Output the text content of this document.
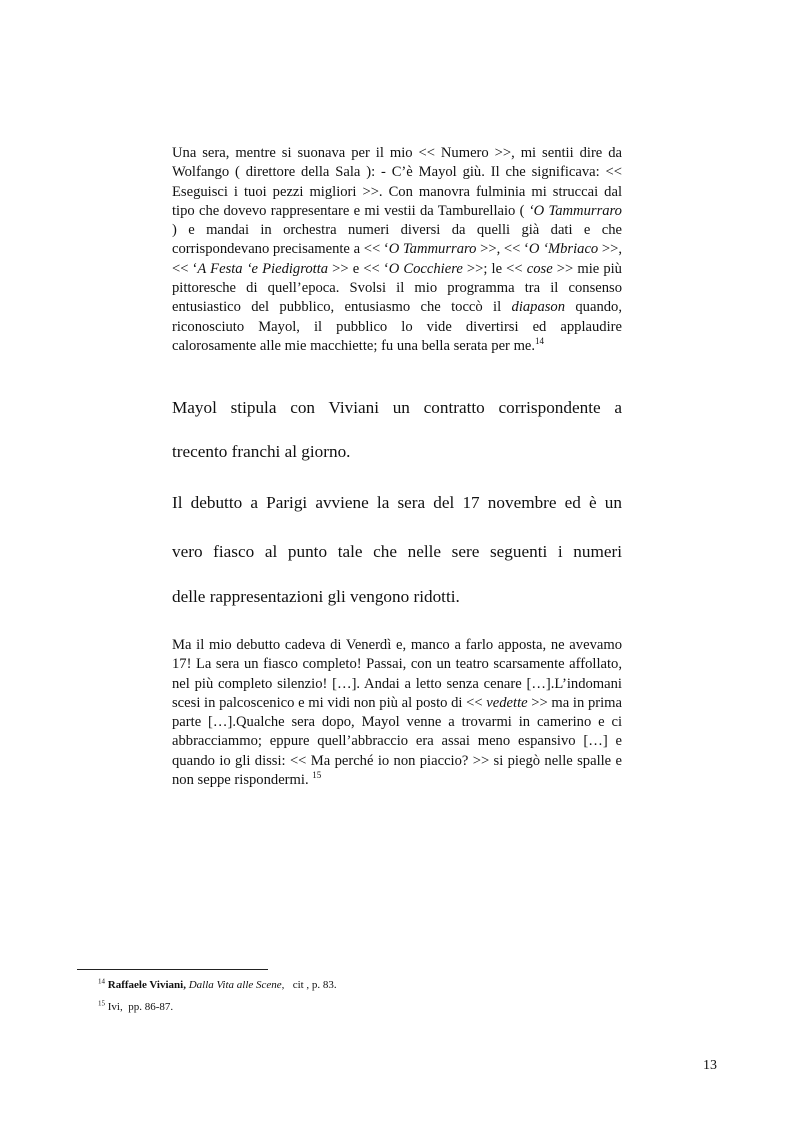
Una sera, mentre si suonava per il mio << Numero >>, mi sentii dire da Wolfango ( direttore della Sala ): - C’è Mayol giù. Il che significava: << Eseguisci i tuoi pezzi migliori >>. Con manovra fulminia mi struccai dal tipo che dovevo rappresentare e mi vestii da Tamburellaio ( ‘O Tammurraro ) e mandai in orchestra numeri diversi da quelli già dati e che corrispondevano precisamente a << ‘O Tammurraro >>, << ‘O ‘Mbriaco >>, << ‘A Festa ‘e Piedigrotta >> e << ‘O Cocchiere >>; le << cose >> mie più pittoresche di quell’epoca. Svolsi il mio programma tra il consenso entusiastico del pubblico, entusiasmo che toccò il diapason quando, riconosciuto Mayol, il pubblico lo vide divertirsi ed applaudire calorosamente alle mie macchiette; fu una bella serata per me.$^{14}$

Mayol stipula con Viviani un contratto corrispondente a
trecento franchi al giorno.
Il debutto a Parigi avviene la sera del 17 novembre ed è un
vero fiasco al punto tale che nelle sere seguenti i numeri
delle rappresentazioni gli vengono ridotti.

Ma il mio debutto cadeva di Venerdì e, manco a farlo apposta, ne avevamo 17! La sera un fiasco completo! Passai, con un teatro scarsamente affollato, nel più completo silenzio! […]. Andai a letto senza cenare […].L’indomani scesi in palcoscenico e mi vidi non più al posto di << vedette >> ma in prima parte […].Qualche sera dopo, Mayol venne a trovarmi in camerino e ci abbracciammo; eppure quell’abbraccio era assai meno espansivo […] e quando io gli dissi: << Ma perché io non piaccio? >> si piegò nelle spalle e non seppe rispondermi. $^{15}$

$^{14}$ Raffaele Viviani, Dalla Vita alle Scene,   cit , p. 83.
$^{15}$ Ivi,  pp. 86-87.
13
